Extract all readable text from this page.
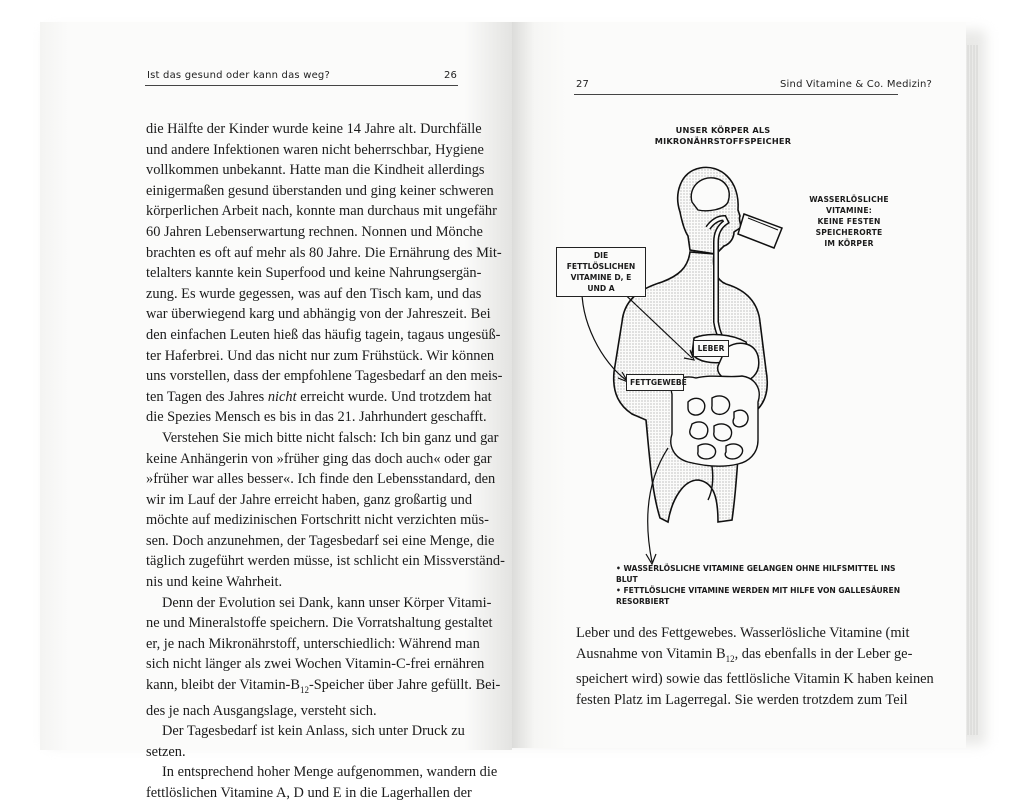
Ist das gesund oder kann das weg?	26
die Hälfte der Kinder wurde keine 14 Jahre alt. Durchfälle
und andere Infektionen waren nicht beherrschbar, Hygiene
vollkommen unbekannt. Hatte man die Kindheit allerdings
einigermaßen gesund überstanden und ging keiner schweren
körperlichen Arbeit nach, konnte man durchaus mit ungefähr
60 Jahren Lebenserwartung rechnen. Nonnen und Mönche
brachten es oft auf mehr als 80 Jahre. Die Ernährung des Mit-
telalters kannte kein Superfood und keine Nahrungsergän-
zung. Es wurde gegessen, was auf den Tisch kam, und das
war überwiegend karg und abhängig von der Jahreszeit. Bei
den einfachen Leuten hieß das häufig tagein, tagaus ungesüß-
ter Haferbrei. Und das nicht nur zum Frühstück. Wir können
uns vorstellen, dass der empfohlene Tagesbedarf an den meis-
ten Tagen des Jahres nicht erreicht wurde. Und trotzdem hat
die Spezies Mensch es bis in das 21. Jahrhundert geschafft.
Verstehen Sie mich bitte nicht falsch: Ich bin ganz und gar
keine Anhängerin von »früher ging das doch auch« oder gar
»früher war alles besser«. Ich finde den Lebensstandard, den
wir im Lauf der Jahre erreicht haben, ganz großartig und
möchte auf medizinischen Fortschritt nicht verzichten müs-
sen. Doch anzunehmen, der Tagesbedarf sei eine Menge, die
täglich zugeführt werden müsse, ist schlicht ein Missverständ-
nis und keine Wahrheit.
Denn der Evolution sei Dank, kann unser Körper Vitami-
ne und Mineralstoffe speichern. Die Vorratshaltung gestaltet
er, je nach Mikronährstoff, unterschiedlich: Während man
sich nicht länger als zwei Wochen Vitamin-C-frei ernähren
kann, bleibt der Vitamin-$B_{12}$-Speicher über Jahre gefüllt. Bei-
des je nach Ausgangslage, versteht sich.
Der Tagesbedarf ist kein Anlass, sich unter Druck zu
setzen.
In entsprechend hoher Menge aufgenommen, wandern die
fettlöslichen Vitamine A, D und E in die Lagerhallen der
27	Sind Vitamine & Co. Medizin?
UNSER KÖRPER ALS MIKRONÄHRSTOFFSPEICHER
WASSERLÖSLICHE VITAMINE:
KEINE FESTEN SPEICHERORTE
IM KÖRPER
DIE FETTLÖSLICHEN
VITAMINE D, E UND A
LEBER
FETTGEWEBE
• WASSERLÖSLICHE VITAMINE GELANGEN OHNE HILFSMITTEL INS BLUT
• FETTLÖSLICHE VITAMINE WERDEN MIT HILFE VON GALLESÄUREN RESORBIERT
Leber und des Fettgewebes. Wasserlösliche Vitamine (mit
Ausnahme von Vitamin $B_{12}$, das ebenfalls in der Leber ge-
speichert wird) sowie das fettlösliche Vitamin K haben keinen
festen Platz im Lagerregal. Sie werden trotzdem zum Teil
